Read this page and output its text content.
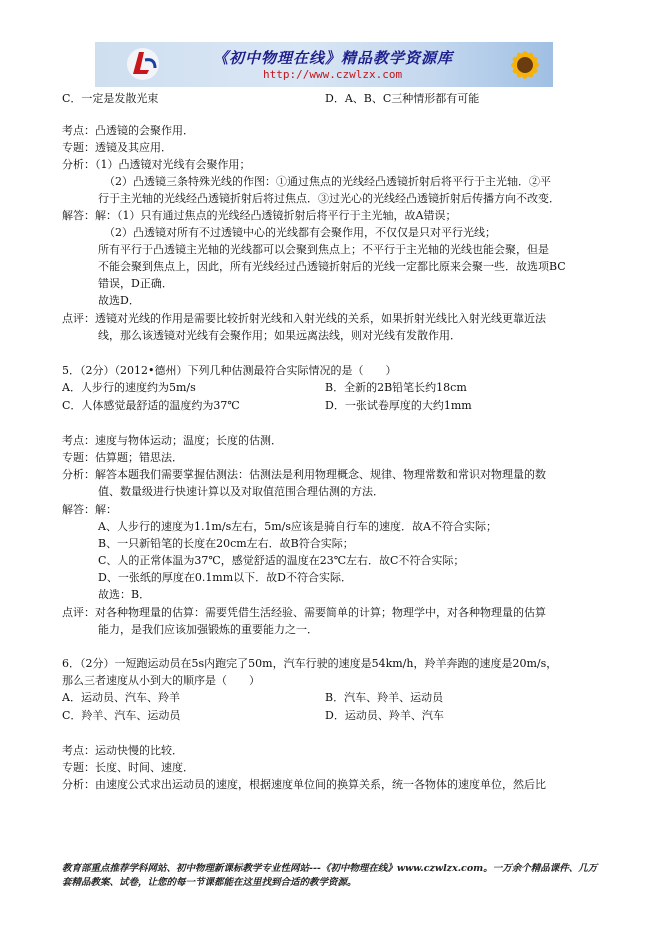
《初中物理在线》精品教学资源库
http://www.czwlzx.com
C．一定是发散光束
考点：凸透镜的会聚作用．
专题：透镜及其应用．
分析：（1）凸透镜对光线有会聚作用；
（2）凸透镜三条特殊光线的作图：①通过焦点的光线经凸透镜折射后将平行于主光轴．②平
行于主光轴的光线经凸透镜折射后将过焦点．③过光心的光线经凸透镜折射后传播方向不改变．
解答：解：（1）只有通过焦点的光线经凸透镜折射后将平行于主光轴，故A错误；
（2）凸透镜对所有不过透镜中心的光线都有会聚作用，不仅仅是只对平行光线；
所有平行于凸透镜主光轴的光线都可以会聚到焦点上；不平行于主光轴的光线也能会聚，但是
不能会聚到焦点上，因此，所有光线经过凸透镜折射后的光线一定都比原来会聚一些．故选项BC
错误，D正确．
故选D．
点评：透镜对光线的作用是需要比较折射光线和入射光线的关系，如果折射光线比入射光线更靠近法
线，那么该透镜对光线有会聚作用；如果远离法线，则对光线有发散作用．
5．（2分）（2012•德州）下列几种估测最符合实际情况的是（　　）
A．人步行的速度约为5m/s
C．人体感觉最舒适的温度约为37℃
考点：速度与物体运动；温度；长度的估测．
专题：估算题；错思法．
分析：解答本题我们需要掌握估测法：估测法是利用物理概念、规律、物理常数和常识对物理量的数
值、数量级进行快速计算以及对取值范围合理估测的方法．
解答：解：
A、人步行的速度为1.1m/s左右，5m/s应该是骑自行车的速度．故A不符合实际；
B、一只新铅笔的长度在20cm左右．故B符合实际；
C、人的正常体温为37℃，感觉舒适的温度在23℃左右．故C不符合实际；
D、一张纸的厚度在0.1mm以下．故D不符合实际．
故选：B．
点评：对各种物理量的估算：需要凭借生活经验、需要简单的计算；物理学中，对各种物理量的估算
能力，是我们应该加强锻炼的重要能力之一．
6．（2分）一短跑运动员在5s内跑完了50m，汽车行驶的速度是54km/h，羚羊奔跑的速度是20m/s，
那么三者速度从小到大的顺序是（　　）
A．运动员、汽车、羚羊
C．羚羊、汽车、运动员
考点：运动快慢的比较．
专题：长度、时间、速度．
分析：由速度公式求出运动员的速度，根据速度单位间的换算关系，统一各物体的速度单位，然后比
D．A、B、C三种情形都有可能
B．全新的2B铅笔长约18cm
D．一张试卷厚度的大约1mm
B．汽车、羚羊、运动员
D．运动员、羚羊、汽车
教育部重点推荐学科网站、初中物理新课标教学专业性网站---《初中物理在线》www.czwlzx.com。一万余个精品课件、几万套精品教案、试卷，让您的每一节课都能在这里找到合适的教学资源。
